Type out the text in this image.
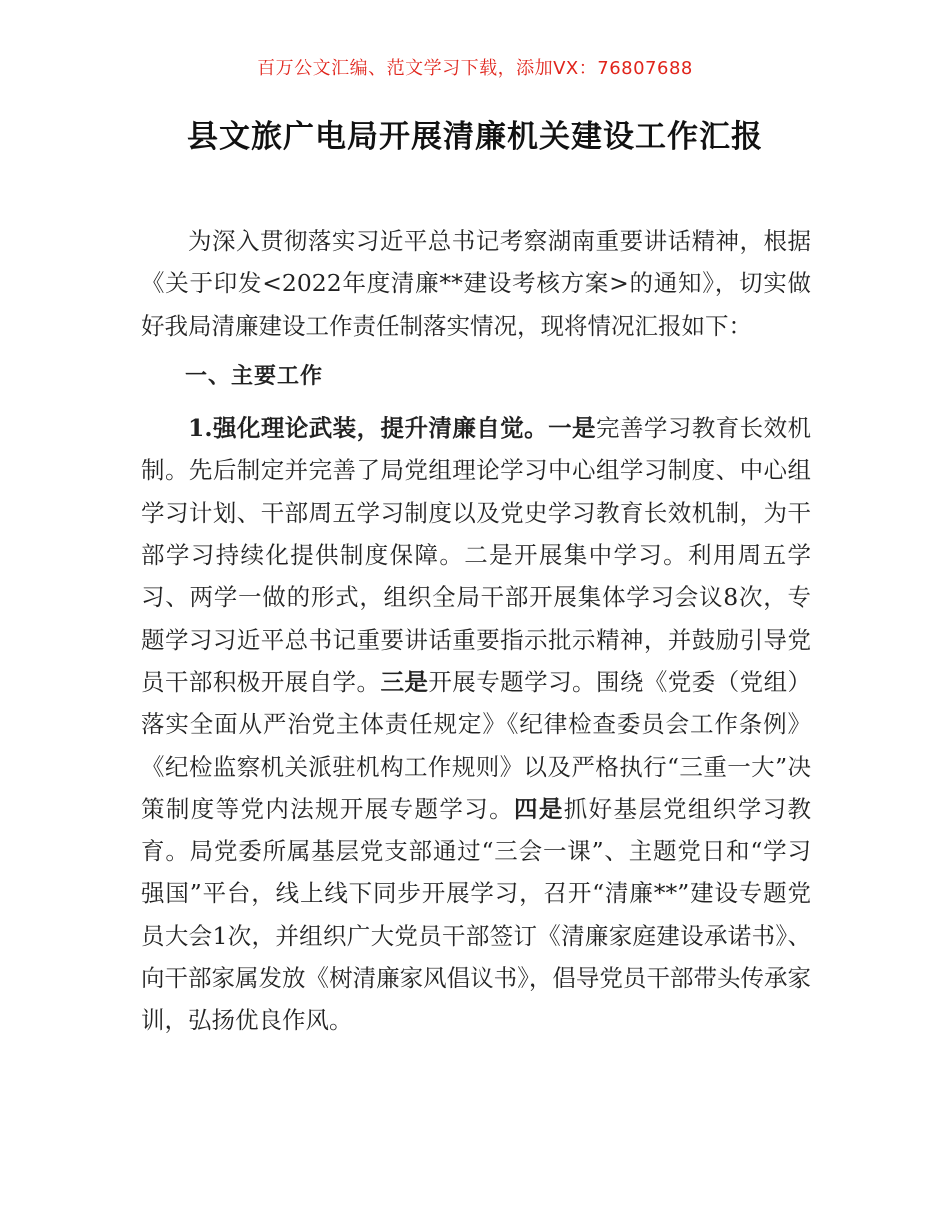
百万公文汇编、范文学习下载，添加VX：76807688
县文旅广电局开展清廉机关建设工作汇报

为深入贯彻落实习近平总书记考察湖南重要讲话精神，根据《关于印发<2022年度清廉**建设考核方案>的通知》，切实做好我局清廉建设工作责任制落实情况，现将情况汇报如下：

一、主要工作

1.强化理论武装，提升清廉自觉。一是完善学习教育长效机制。先后制定并完善了局党组理论学习中心组学习制度、中心组学习计划、干部周五学习制度以及党史学习教育长效机制，为干部学习持续化提供制度保障。二是开展集中学习。利用周五学习、两学一做的形式，组织全局干部开展集体学习会议8次，专题学习习近平总书记重要讲话重要指示批示精神，并鼓励引导党员干部积极开展自学。三是开展专题学习。围绕《党委（党组）落实全面从严治党主体责任规定》《纪律检查委员会工作条例》《纪检监察机关派驻机构工作规则》以及严格执行“三重一大”决策制度等党内法规开展专题学习。四是抓好基层党组织学习教育。局党委所属基层党支部通过“三会一课”、主题党日和“学习强国”平台，线上线下同步开展学习，召开“清廉**”建设专题党员大会1次，并组织广大党员干部签订《清廉家庭建设承诺书》、向干部家属发放《树清廉家风倡议书》，倡导党员干部带头传承家训，弘扬优良作风。
